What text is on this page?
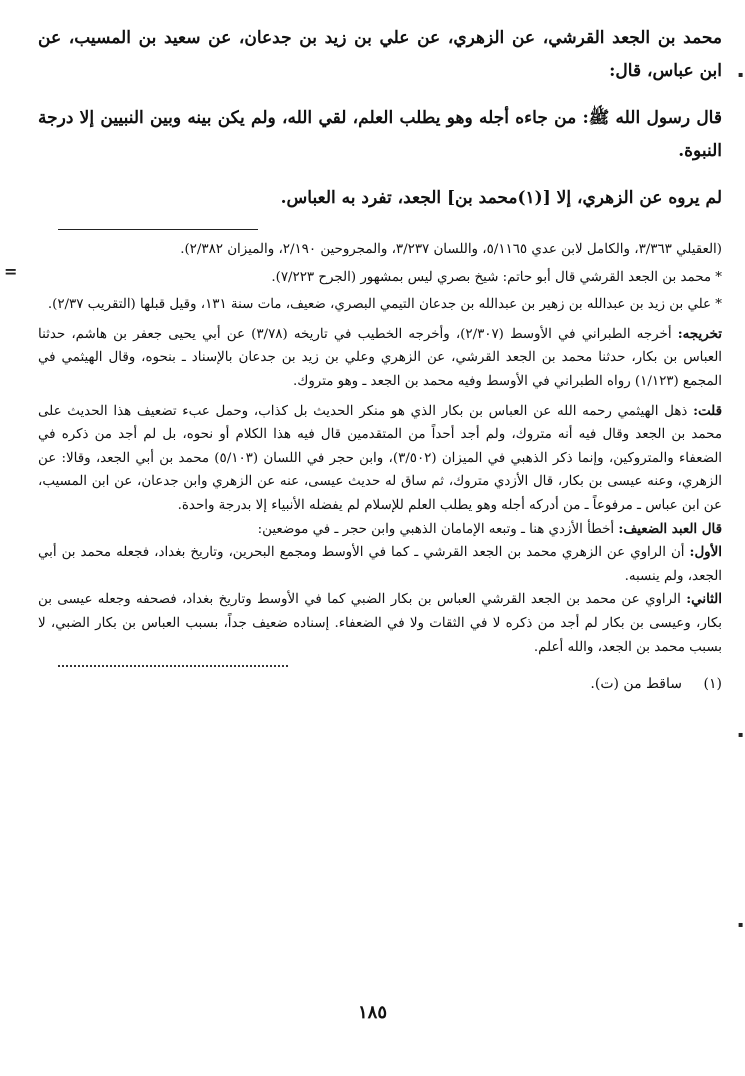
=
▪
▪
▪

محمد بن الجعد القرشي، عن الزهري، عن علي بن زيد بن جدعان، عن سعيد بن المسيب، عن ابن عباس، قال:

قال رسول الله ﷺ: من جاءه أجله وهو يطلب العلم، لقي الله، ولم يكن بينه وبين النبيين إلا درجة النبوة.

لم يروه عن الزهري، إلا [(١)محمد بن] الجعد، تفرد به العباس.

(العقيلي ٣/٣٦٣، والكامل لابن عدي ٥/١١٦٥، واللسان ٣/٢٣٧، والمجروحين ٢/١٩٠، والميزان ٢/٣٨٢).

* محمد بن الجعد القرشي قال أبو حاتم: شيخ بصري ليس بمشهور (الجرح ٧/٢٢٣).

* علي بن زيد بن عبدالله بن زهير بن عبدالله بن جدعان التيمي البصري، ضعيف، مات سنة ١٣١، وقيل قبلها (التقريب ٢/٣٧).

تخريجه: أخرجه الطبراني في الأوسط (٢/٣٠٧)، وأخرجه الخطيب في تاريخه (٣/٧٨) عن أبي يحيى جعفر بن هاشم، حدثنا العباس بن بكار، حدثنا محمد بن الجعد القرشي، عن الزهري وعلي بن زيد بن جدعان بالإسناد ـ بنحوه، وقال الهيثمي في المجمع (١/١٢٣) رواه الطبراني في الأوسط وفيه محمد بن الجعد ـ وهو متروك.

قلت: ذهل الهيثمي رحمه الله عن العباس بن بكار الذي هو منكر الحديث بل كذاب، وحمل عبء تضعيف هذا الحديث على محمد بن الجعد وقال فيه أنه متروك، ولم أجد أحداً من المتقدمين قال فيه هذا الكلام أو نحوه، بل لم أجد من ذكره في الضعفاء والمتروكين، وإنما ذكر الذهبي في الميزان (٣/٥٠٢)، وابن حجر في اللسان (٥/١٠٣) محمد بن أبي الجعد، وقالا: عن الزهري، وعنه عيسى بن بكار، قال الأزدي متروك، ثم ساق له حديث عيسى، عنه عن الزهري وابن جدعان، عن ابن المسيب، عن ابن عباس ـ مرفوعاً ـ من أدركه أجله وهو يطلب العلم للإسلام لم يفضله الأنبياء إلا بدرجة واحدة.

قال العبد الضعيف: أخطأ الأزدي هنا ـ وتبعه الإمامان الذهبي وابن حجر ـ في موضعين:

الأول: أن الراوي عن الزهري محمد بن الجعد القرشي ـ كما في الأوسط ومجمع البحرين، وتاريخ بغداد، فجعله محمد بن أبي الجعد، ولم ينسبه.

الثاني: الراوي عن محمد بن الجعد القرشي العباس بن بكار الضبي كما في الأوسط وتاريخ بغداد، فصحفه وجعله عيسى بن بكار، وعيسى بن بكار لم أجد من ذكره لا في الثقات ولا في الضعفاء. إسناده ضعيف جداً، بسبب العباس بن بكار الضبي، لا بسبب محمد بن الجعد، والله أعلم.

(١)
ساقط من (ت).
١٨٥
